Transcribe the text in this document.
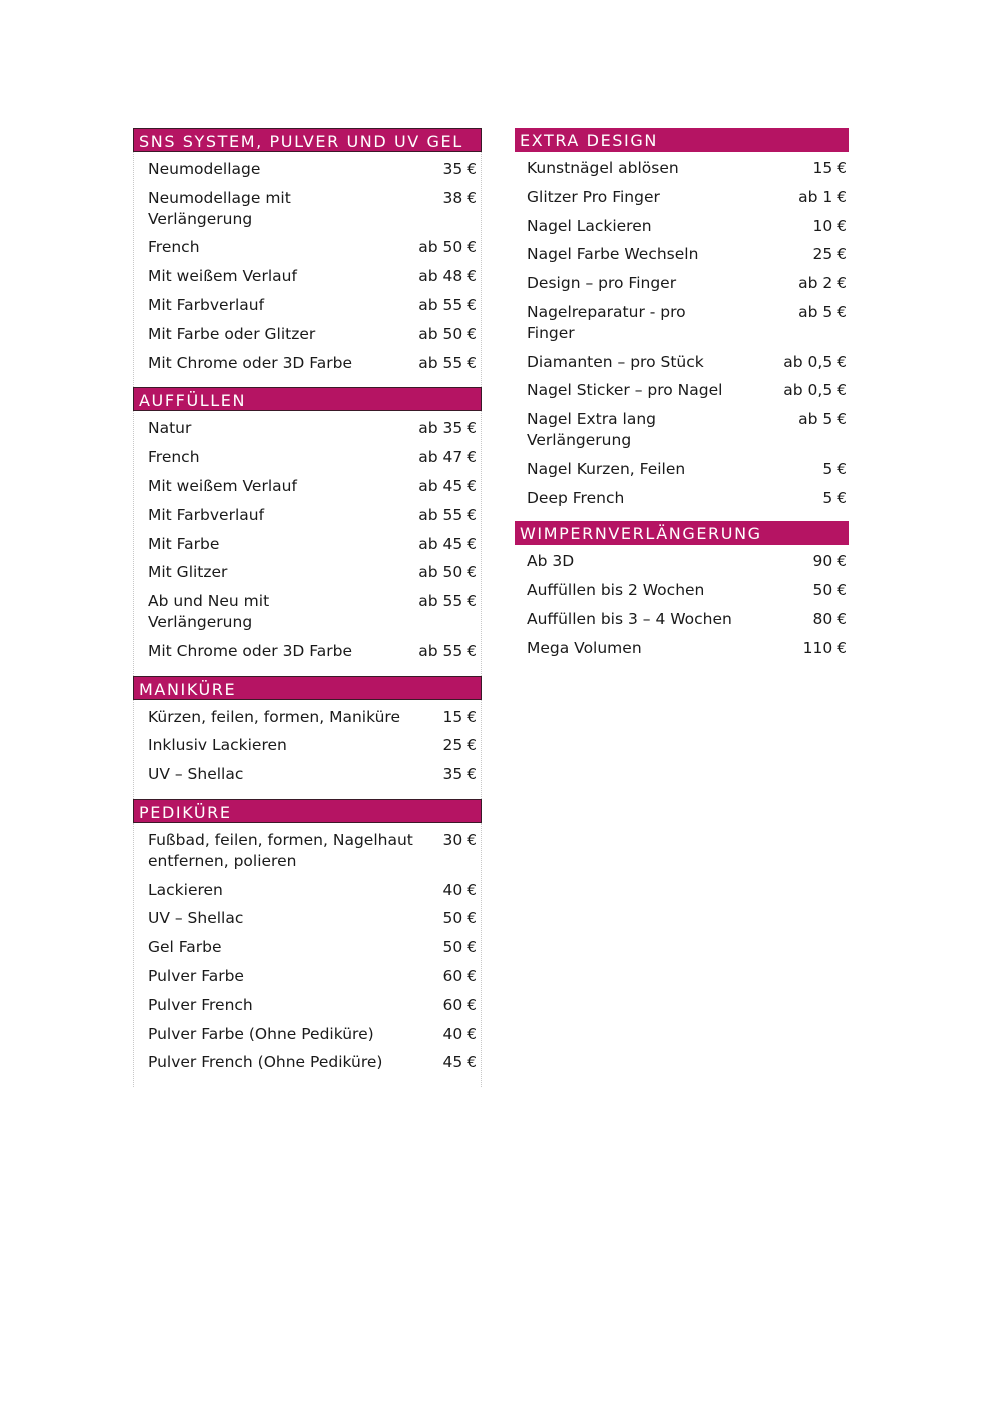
SNS SYSTEM, PULVER UND UV GEL
Neumodellage	35 €
Neumodellage mit Verlängerung
38 €
French	ab 50 €
Mit weißem Verlauf	ab 48 €
Mit Farbverlauf	ab 55 €
Mit Farbe oder Glitzer	ab 50 €
Mit Chrome oder 3D Farbe	ab 55 €
AUFFÜLLEN
Natur	ab 35 €
French	ab 47 €
Mit weißem Verlauf	ab 45 €
Mit Farbverlauf	ab 55 €
Mit Farbe	ab 45 €
Mit Glitzer	ab 50 €
Ab und Neu mit Verlängerung
ab 55 €
Mit Chrome oder 3D Farbe	ab 55 €
MANIKÜRE
Kürzen, feilen, formen, Maniküre	15 €
Inklusiv Lackieren	25 €
UV – Shellac	35 €
PEDIKÜRE
Fußbad, feilen, formen, Nagelhaut entfernen, polieren
30 €
Lackieren	40 €
UV – Shellac	50 €
Gel Farbe	50 €
Pulver Farbe	60 €
Pulver French	60 €
Pulver Farbe (Ohne Pediküre)	40 €
Pulver French (Ohne Pediküre)	45 €
EXTRA DESIGN
Kunstnägel ablösen	15 €
Glitzer Pro Finger	ab 1 €
Nagel Lackieren	10 €
Nagel Farbe Wechseln	25 €
Design – pro Finger	ab 2 €
Nagelreparatur - pro Finger
ab 5 €
Diamanten – pro Stück	ab 0,5 €
Nagel Sticker – pro Nagel	ab 0,5 €
Nagel Extra lang Verlängerung
ab 5 €
Nagel Kurzen, Feilen	5 €
Deep French	5 €
WIMPERNVERLÄNGERUNG
Ab 3D	90 €
Auffüllen bis 2 Wochen	50 €
Auffüllen bis 3 – 4 Wochen	80 €
Mega Volumen	110 €
